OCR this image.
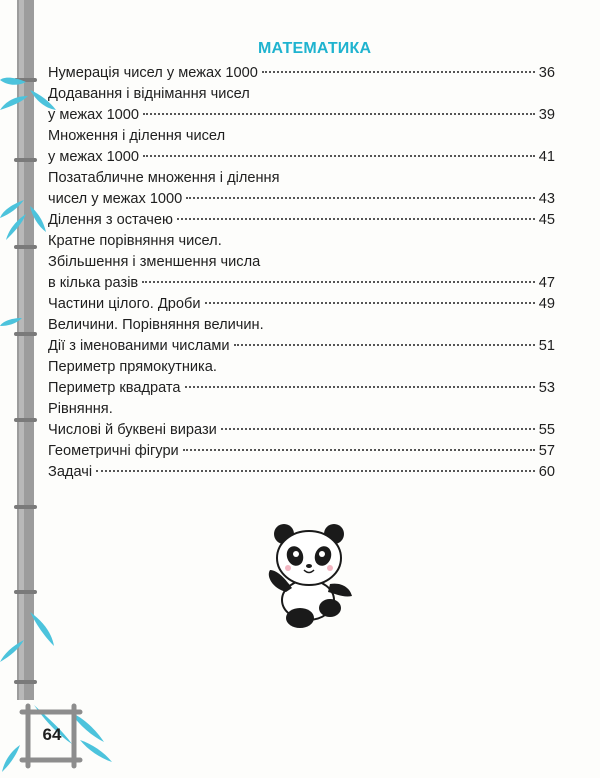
МАТЕМАТИКА
Нумерація чисел у межах 1000	36
Додавання і віднімання чисел
у межах 1000	39
Множення і ділення чисел
у межах 1000	41
Позатабличне множення і ділення
чисел у межах 1000	43
Ділення з остачею	45
Кратне порівняння чисел.
Збільшення і зменшення числа
в кілька разів	47
Частини цілого. Дроби	49
Величини. Порівняння величин.
Дії з іменованими числами	51
Периметр прямокутника.
Периметр квадрата	53
Рівняння.
Числові й буквені вирази	55
Геометричні фігури	57
Задачі	60
64
